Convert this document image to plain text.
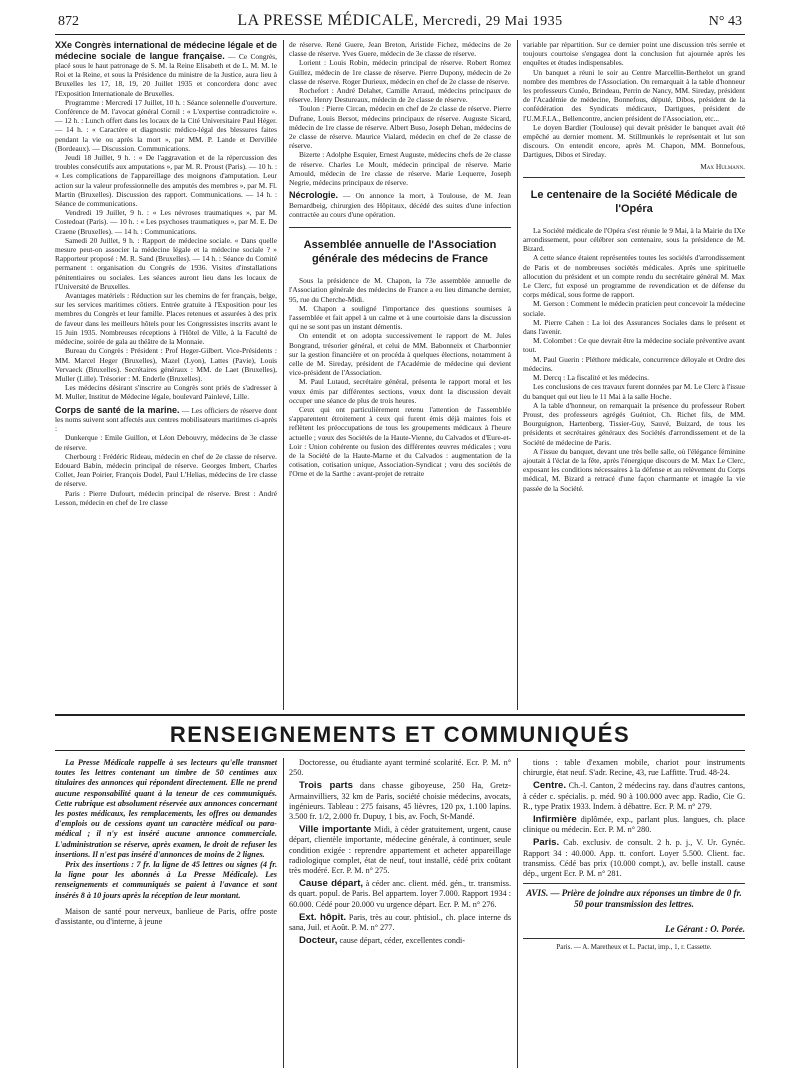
872	LA PRESSE MÉDICALE, Mercredi, 29 Mai 1935	N° 43

XXe Congrès international de médecine légale et de médecine sociale de langue française. — Ce Congrès, placé sous le haut patronage de S. M. la Reine Elisabeth et de L. M. M. le Roi et la Reine, et sous la Présidence du ministre de la Justice, aura lieu à Bruxelles les 17, 18, 19, 20 Juillet 1935 et concordera donc avec l'Exposition Internationale de Bruxelles.

Programme : Mercredi 17 Juillet, 10 h. : Séance solennelle d'ouverture. Conférence de M. l'avocat général Cornil : « L'expertise contradictoire ». — 12 h. : Lunch offert dans les locaux de la Cité Universitaire Paul Héger. — 14 h. : « Caractère et diagnostic médico-légal des blessures faites pendant la vie ou après la mort », par MM. P. Lande et Dervillée (Bordeaux). — Discussion. Communications.

Jeudi 18 Juillet, 9 h. : « De l'aggravation et de la répercussion des troubles consécutifs aux amputations », par M. R. Proust (Paris). — 10 h. : « Les complications de l'appareillage des moignons d'amputation. Leur action sur la valeur professionnelle des amputés des membres », par M. Fl. Martin (Bruxelles). Discussion des rapport. Communications. — 14 h. : Séance de communications.

Vendredi 19 Juillet, 9 h. : « Les névroses traumatiques », par M. Costedoat (Paris). — 10 h. : « Les psychoses traumatiques », par M. E. De Craene (Bruxelles). — 14 h. : Communications.

Samedi 20 Juillet, 9 h. : Rapport de médecine sociale. « Dans quelle mesure peut-on associer la médecine légale et la médecine sociale ? » Rapporteur proposé : M. R. Sand (Bruxelles). — 14 h. : Séance du Comité permanent : organisation du Congrès de 1936. Visites d'installations pénitentiaires ou sociales. Les séances auront lieu dans les locaux de l'Université de Bruxelles.

Avantages matériels : Réduction sur les chemins de fer français, belge, sur les services maritimes côtiers. Entrée gratuite à l'Exposition pour les membres du Congrès et leur famille. Places retenues et assurées à des prix de faveur dans les meilleurs hôtels pour les Congressistes inscrits avant le 15 Juin 1935. Nombreuses réceptions à l'Hôtel de Ville, à la Faculté de médecine, soirée de gala au théâtre de la Monnaie.

Bureau du Congrès : Président : Prof Heger-Gilbert. Vice-Présidents : MM. Marcel Heger (Bruxelles), Mazel (Lyon), Lattes (Pavie), Louis Vervaeck (Bruxelles). Secrétaires généraux : MM. de Laet (Bruxelles), Muller (Lille). Trésorier : M. Enderle (Bruxelles).

Les médecins désirant s'inscrire au Congrès sont priés de s'adresser à M. Muller, Institut de Médecine légale, boulevard Painlevé, Lille.

Corps de santé de la marine. — Les officiers de réserve dont les noms suivent sont affectés aux centres mobilisateurs maritimes ci-après :

Dunkerque : Emile Guillon, et Léon Debouvry, médecins de 3e classe de réserve.

Cherbourg : Frédéric Rideau, médecin en chef de 2e classe de réserve. Edouard Babin, médecin principal de réserve. Georges Imbert, Charles Collet, Jean Poirier, François Dodel, Paul L'Helias, médecins de 1re classe de réserve.

Paris : Pierre Dufourt, médecin principal de réserve. Brest : André Lesson, médecin en chef de 1re classe

de réserve. René Guere, Jean Breton, Aristide Fichez, médecins de 2e classe de réserve. Yves Guere, médecin de 3e classe de réserve.

Lorient : Louis Robin, médecin principal de réserve. Robert Romez Guillez, médecin de 1re classe de réserve. Pierre Dupony, médecin de 2e classe de réserve. Roger Durieux, médecin en chef de 2e classe de réserve.

Rochefort : André Delahet, Camille Arraud, médecins principaux de réserve. Henry Destureaux, médecin de 2e classe de réserve.

Toulon : Pierre Circan, médecin en chef de 2e classe de réserve. Pierre Dufrane, Louis Bersot, médecins principaux de réserve. Auguste Sicard, médecin de 1re classe de réserve. Albert Buso, Joseph Dehan, médecins de 2e classe de réserve. Maurice Vialard, médecin en chef de 2e classe de réserve.

Bizerte : Adolphe Esquier, Ernest Auguste, médecins chefs de 2e classe de réserve. Charles Le Moult, médecin principal de réserve. Marie Arnould, médecin de 1re classe de réserve. Marie Lequerre, Joseph Negrie, médecins principaux de réserve.

Nécrologie. — On annonce la mort, à Toulouse, de M. Jean Bernardbeig, chirurgien des Hôpitaux, décédé des suites d'une infection contractée au cours d'une opération.

Assemblée annuelle de l'Association générale des médecins de France

Sous la présidence de M. Chapon, la 73e assemblée annuelle de l'Association générale des médecins de France a eu lieu dimanche dernier, 95, rue du Cherche-Midi.

M. Chapon a souligné l'importance des questions soumises à l'assemblée et fait appel à un calme et à une courtoisie dans la discussion qui ne se sont pas un instant démentis.

On entendit et on adopta successivement le rapport de M. Jules Bongrand, trésorier général, et celui de MM. Babonneix et Charbonnier sur la gestion financière et on procéda à quelques élections, notamment à celle de M. Sireday, président de l'Académie de médecine qui devient vice-président de l'Association.

M. Paul Lutaud, secrétaire général, présenta le rapport moral et les vœux émis par différentes sections, vœux dont la discussion devait occuper une séance de plus de trois heures.

Ceux qui ont particulièrement retenu l'attention de l'assemblée s'apparentent étroitement à ceux qui furent émis déjà maintes fois et reflètent les préoccupations de tous les groupements médicaux à l'heure actuelle ; vœux des Sociétés de la Haute-Vienne, du Calvados et d'Eure-et-Loir : Union cohérente ou fusion des différentes œuvres médicales ; vœu de la Société de la Haute-Marne et du Calvados : augmentation de la cotisation, cotisation unique, Association-Syndicat ; vœu des sociétés de l'Orne et de la Sarthe : avant-projet de retraite

variable par répartition. Sur ce dernier point une discussion très serrée et toujours courtoise s'engagea dont la conclusion fut ajournée après les enquêtes et études indispensables.

Un banquet a réuni le soir au Centre Marcellin-Berthelot un grand nombre des membres de l'Association. On remarquait à la table d'honneur les professeurs Cunéo, Brindeau, Perrin de Nancy, MM. Sireday, président de l'Académie de médecine, Bonnefous, député, Dibos, président de la confédération des Syndicats médicaux, Dartigues, président de l'U.M.F.I.A., Bellencontre, ancien président de l'Association, etc...

Le doyen Bardier (Toulouse) qui devait présider le banquet avait été empêché au dernier moment. M. Stillmunkès le représentait et lut son discours. On entendit encore, après M. Chapon, MM. Bonnefous, Dartigues, Dibos et Sireday.

Max Hulmann.
Le centenaire de la Société Médicale de l'Opéra

La Société médicale de l'Opéra s'est réunie le 9 Mai, à la Mairie du IXe arrondissement, pour célébrer son centenaire, sous la présidence de M. Bizard.

A cette séance étaient représentées toutes les sociétés d'arrondissement de Paris et de nombreuses sociétés médicales. Après une spirituelle allocution du président et un compte rendu du secrétaire général M. Max Le Clerc, fut exposé un programme de revendication et de défense du corps médical, sous forme de rapport.

M. Gerson : Comment le médecin praticien peut concevoir la médecine sociale.

M. Pierre Cahen : La loi des Assurances Sociales dans le présent et dans l'avenir.

M. Colombet : Ce que devrait être la médecine sociale préventive avant tout.

M. Paul Guerin : Pléthore médicale, concurrence déloyale et Ordre des médecins.

M. Dercq : La fiscalité et les médecins.

Les conclusions de ces travaux furent données par M. Le Clerc à l'issue du banquet qui eut lieu le 11 Mai à la salle Hoche.

A la table d'honneur, on remarquait la présence du professeur Robert Proust, des professeurs agrégés Guéniot, Ch. Richet fils, de MM. Bourguignon, Hartenberg, Tissier-Guy, Sauvé, Buizard, de tous les présidents et secrétaires généraux des Sociétés d'arrondissement et de la Société de médecine de Paris.

A l'issue du banquet, devant une très belle salle, où l'élégance féminine ajoutait à l'éclat de la fête, après l'énergique discours de M. Max Le Clerc, exposant les conditions nécessaires à la défense et au relèvement du Corps médical, M. Bizard a retracé d'une façon charmante et imagée la vie passée de la Société.

RENSEIGNEMENTS ET COMMUNIQUÉS

La Presse Médicale rappelle à ses lecteurs qu'elle transmet toutes les lettres contenant un timbre de 50 centimes aux titulaires des annonces qui répondent directement. Elle ne prend aucune responsabilité quant à la teneur de ces communiqués. Cette rubrique est absolument réservée aux annonces concernant les postes médicaux, les remplacements, les offres ou demandes d'emplois ou de cessions ayant un caractère médical ou para-médical ; il n'y est inséré aucune annonce commerciale. L'administration se réserve, après examen, le droit de refuser les insertions. Il n'est pas inséré d'annonces de moins de 2 lignes.

Prix des insertions : 7 fr. la ligne de 45 lettres ou signes (4 fr. la ligne pour les abonnés à La Presse Médicale). Les renseignements et communiqués se paient à l'avance et sont insérés 8 à 10 jours après la réception de leur montant.

Maison de santé pour nerveux, banlieue de Paris, offre poste d'assistante, ou d'interne, à jeune

Doctoresse, ou étudiante ayant terminé scolarité. Ecr. P. M. n° 250.

Trois parts dans chasse giboyeuse, 250 Ha, Gretz-Armainvilliers, 32 km de Paris, société choisie médecins, avocats, ingénieurs. Tableau : 275 faisans, 45 lièvres, 120 px, 1.100 lapins. 3.500 fr. 1/2, 2.000 fr. Dupuy, 1 bis, av. Foch, St-Mandé.

Ville importante Midi, à céder gratuitement, urgent, cause départ, clientèle importante, médecine générale, à continuer, seule condition exigée : reprendre appartement et acheter appareillage radiologique complet, état de neuf, tout installé, cédé prix coûtant très modéré. Ecr. P. M. n° 275.

Cause départ, à céder anc. client. méd. gén., tr. transmiss. ds quart. popul. de Paris. Bel appartem. loyer 7.000. Rapport 1934 : 60.000. Cédé pour 20.000 vu urgence départ. Ecr. P. M. n° 276.

Ext. hôpit. Paris, très au cour. phtisiol., ch. place interne ds sana, Juil. et Août. P. M. n° 277.

Docteur, cause départ, céder, excellentes condi-

tions : table d'examen mobile, chariot pour instruments chirurgie, état neuf. S'adr. Recine, 43, rue Laffitte. Trud. 48-24.

Centre. Ch.-l. Canton, 2 médecins ray. dans d'autres cantons, à céder c. spécialis. p. méd. 90 à 100.000 avec app. Radio, Cie G. R., type Pratix 1933. Indem. à débattre. Ecr. P. M. n° 279.

Infirmière diplômée, exp., parlant plus. langues, ch. place clinique ou médecin. Ecr. P. M. n° 280.

Paris. Cab. exclusiv. de consult. 2 h. p. j., V. Ur. Gynéc. Rapport 34 : 40.000. App. tt. confort. Loyer 5.500. Client. fac. transmiss. Cédé bas prix (10.000 compt.), av. belle install. cause dép., urgent Ecr. P. M. n° 281.

AVIS. — Prière de joindre aux réponses un timbre de 0 fr. 50 pour transmission des lettres.
Le Gérant : O. Porée.
Paris. — A. Maretheux et L. Pactat, imp., 1, r. Cassette.
